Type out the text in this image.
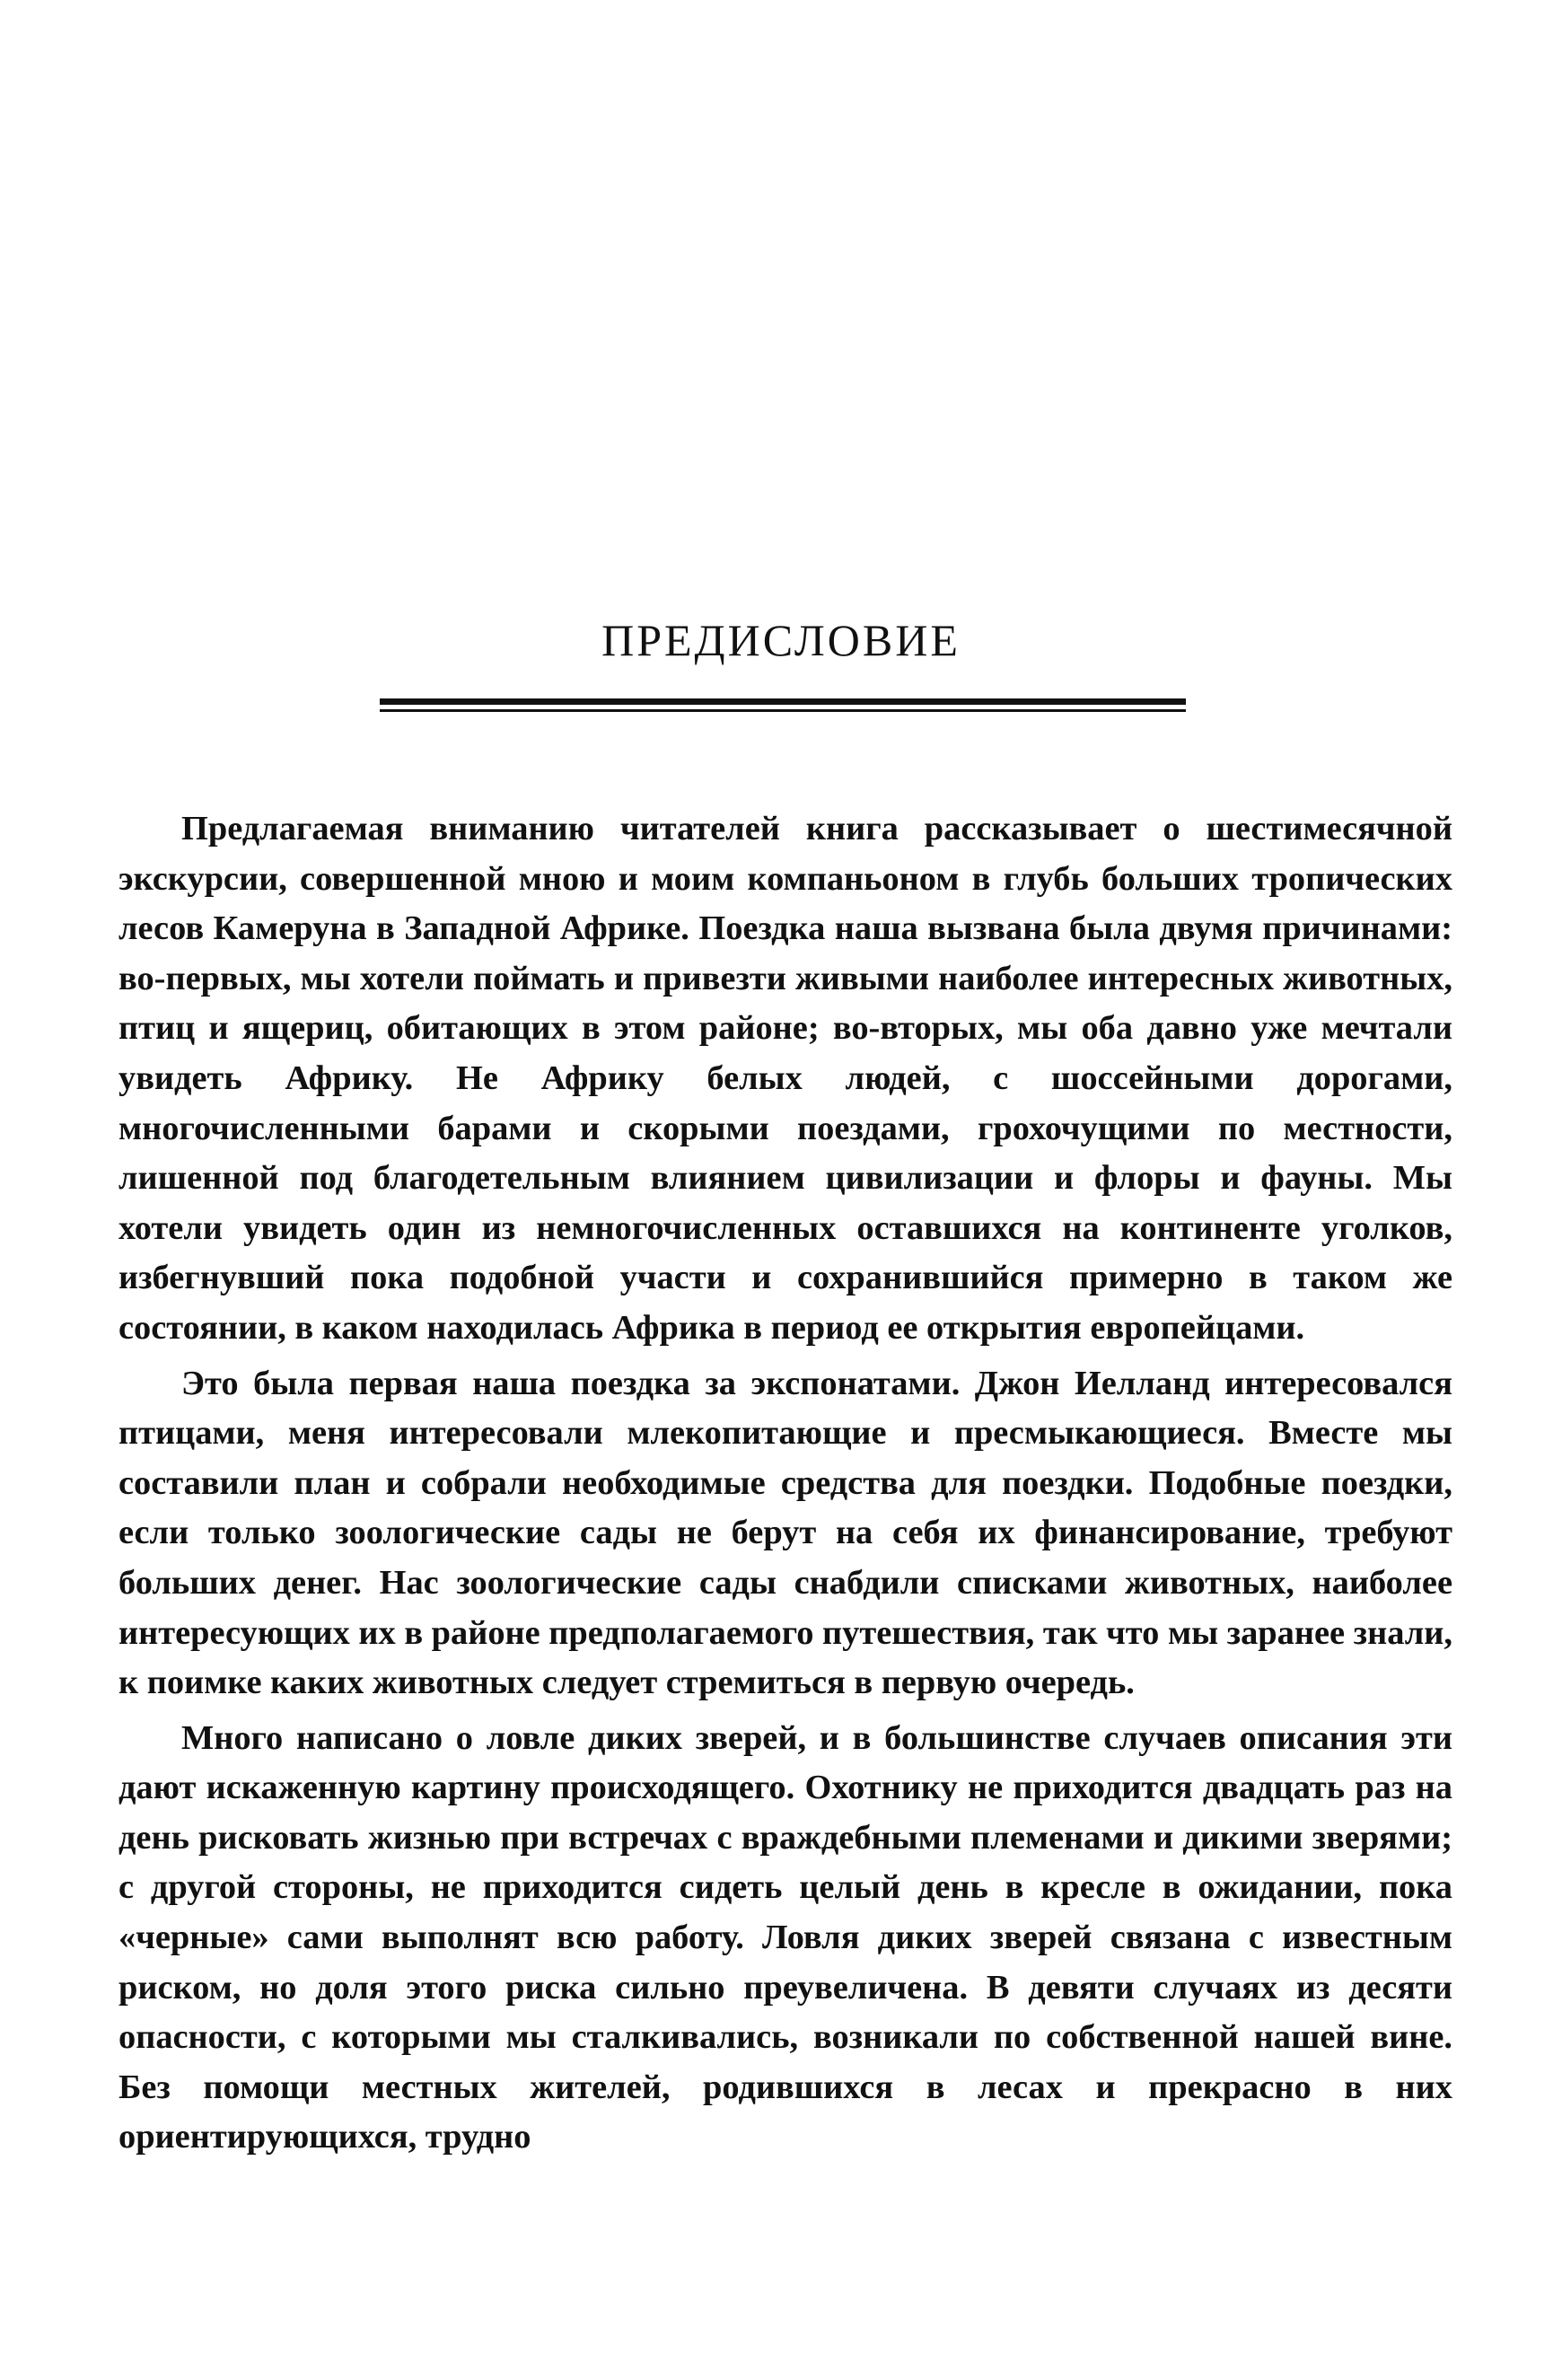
ПРЕДИСЛОВИЕ

Предлагаемая вниманию читателей книга рассказывает о шестимесячной экскурсии, совершенной мною и моим компаньоном в глубь больших тропических лесов Камеруна в Западной Африке. Поездка наша вызвана была двумя причинами: во-первых, мы хотели поймать и привезти живыми наиболее интересных животных, птиц и ящериц, обитающих в этом районе; во-вторых, мы оба давно уже мечтали увидеть Африку. Не Африку белых людей, с шоссейными дорогами, многочисленными барами и скорыми поездами, грохочущими по местности, лишенной под благодетельным влиянием цивилизации и флоры и фауны. Мы хотели увидеть один из немногочисленных оставшихся на континенте уголков, избегнувший пока подобной участи и сохранившийся примерно в таком же состоянии, в каком находилась Африка в период ее открытия европейцами.

Это была первая наша поездка за экспонатами. Джон Иелланд интересовался птицами, меня интересовали млекопитающие и пресмыкающиеся. Вместе мы составили план и собрали необходимые средства для поездки. Подобные поездки, если только зоологические сады не берут на себя их финансирование, требуют больших денег. Нас зоологические сады снабдили списками животных, наиболее интересующих их в районе предполагаемого путешествия, так что мы заранее знали, к поимке каких животных следует стремиться в первую очередь.

Много написано о ловле диких зверей, и в большинстве случаев описания эти дают искаженную картину происходящего. Охотнику не приходится двадцать раз на день рисковать жизнью при встречах с враждебными племенами и дикими зверями; с другой стороны, не приходится сидеть целый день в кресле в ожидании, пока «черные» сами выполнят всю работу. Ловля диких зверей связана с известным риском, но доля этого риска сильно преувеличена. В девяти случаях из десяти опасности, с которыми мы сталкивались, возникали по собственной нашей вине. Без помощи местных жителей, родившихся в лесах и прекрасно в них ориентирующихся, трудно
